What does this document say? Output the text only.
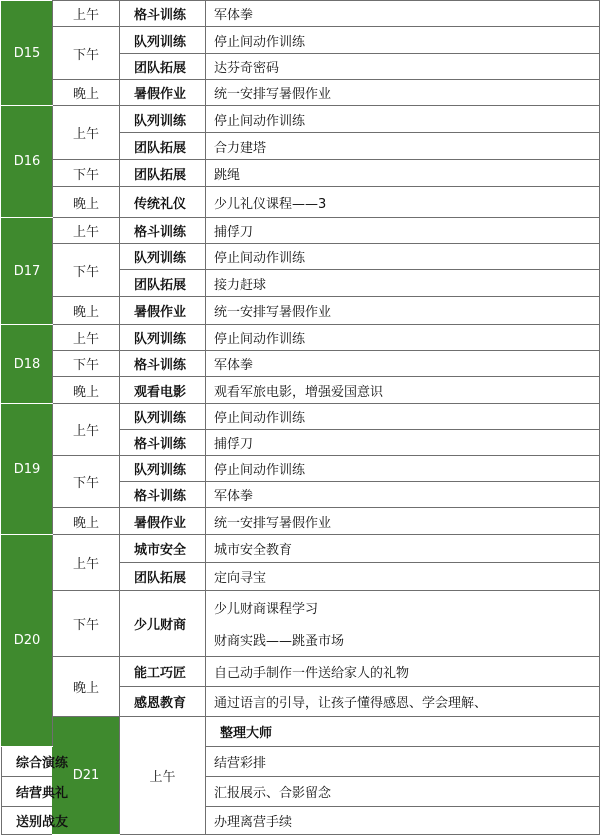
D15	上午	格斗训练	军体拳	
	下午	队列训练	停止间动作训练	
		团队拓展	达芬奇密码	
	晚上	暑假作业	统一安排写暑假作业	
D16	上午	队列训练	停止间动作训练	
		团队拓展	合力建塔	
	下午	团队拓展	跳绳	
	晚上	传统礼仪	少儿礼仪课程——3	
D17	上午	格斗训练	捕俘刀	
	下午	队列训练	停止间动作训练	
		团队拓展	接力赶球	
	晚上	暑假作业	统一安排写暑假作业	
D18	上午	队列训练	停止间动作训练	
	下午	格斗训练	军体拳	
	晚上	观看电影	观看军旅电影，增强爱国意识	
D19	上午	队列训练	停止间动作训练	
		格斗训练	捕俘刀	
	下午	队列训练	停止间动作训练	
		格斗训练	军体拳	
	晚上	暑假作业	统一安排写暑假作业	
D20	上午	城市安全	城市安全教育	
		团队拓展	定向寻宝	
	下午	少儿财商	少儿财商课程学习	
			财商实践——跳蚤市场	
	晚上	能工巧匠	自己动手制作一件送给家人的礼物	
		感恩教育	通过语言的引导，让孩子懂得感恩、学会理解、	
	D21	上午	整理大师	
综合演练			结营彩排	
结营典礼			汇报展示、合影留念	
送别战友			办理离营手续	
